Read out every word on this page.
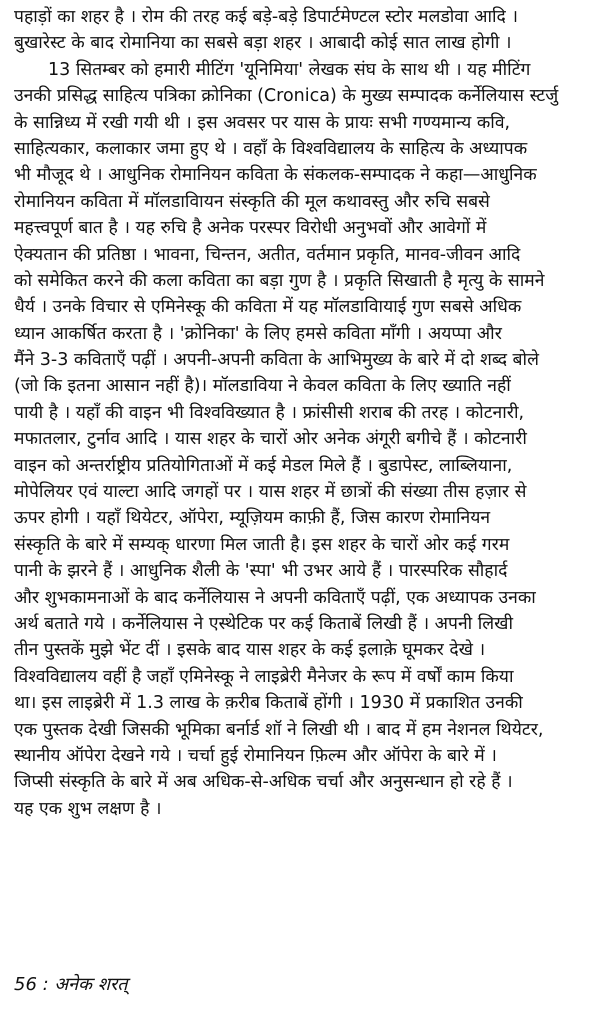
पहाड़ों का शहर है । रोम की तरह कई बड़े-बड़े डिपार्टमेण्टल स्टोर मलडोवा आदि ।
बुखारेस्ट के बाद रोमानिया का सबसे बड़ा शहर । आबादी कोई सात लाख होगी ।
13 सितम्बर को हमारी मीटिंग 'यूनिमिया' लेखक संघ के साथ थी । यह मीटिंग
उनकी प्रसिद्ध साहित्य पत्रिका क्रोनिका (Cronica) के मुख्य सम्पादक कर्नेलियास स्टर्जु
के सान्निध्य में रखी गयी थी । इस अवसर पर यास के प्रायः सभी गण्यमान्य कवि,
साहित्यकार, कलाकार जमा हुए थे । वहाँ के विश्वविद्यालय के साहित्य के अध्यापक
भी मौजूद थे । आधुनिक रोमानियन कविता के संकलक-सम्पादक ने कहा—आधुनिक
रोमानियन कविता में मॉलडाविायन संस्कृति की मूल कथावस्तु और रुचि सबसे
महत्त्वपूर्ण बात है । यह रुचि है अनेक परस्पर विरोधी अनुभवों और आवेगों में
ऐक्यतान की प्रतिष्ठा । भावना, चिन्तन, अतीत, वर्तमान प्रकृति, मानव-जीवन आदि
को समेकित करने की कला कविता का बड़ा गुण है । प्रकृति सिखाती है मृत्यु के सामने
धैर्य । उनके विचार से एमिनेस्कू की कविता में यह मॉलडाविायाई गुण सबसे अधिक
ध्यान आकर्षित करता है । 'क्रोनिका' के लिए हमसे कविता माँगी । अयप्पा और
मैंने 3-3 कविताएँ पढ़ीं । अपनी-अपनी कविता के आभिमुख्य के बारे में दो शब्द बोले
(जो कि इतना आसान नहीं है)। मॉलडाविया ने केवल कविता के लिए ख्याति नहीं
पायी है । यहाँ की वाइन भी विश्वविख्यात है । फ्रांसीसी शराब की तरह । कोटनारी,
मफातलार, टुर्नाव आदि । यास शहर के चारों ओर अनेक अंगूरी बगीचे हैं । कोटनारी
वाइन को अन्तर्राष्ट्रीय प्रतियोगिताओं में कई मेडल मिले हैं । बुडापेस्ट, लाब्लियाना,
मोपेलियर एवं याल्टा आदि जगहों पर । यास शहर में छात्रों की संख्या तीस हज़ार से
ऊपर होगी । यहाँ थियेटर, ऑपेरा, म्यूज़ियम काफ़ी हैं, जिस कारण रोमानियन
संस्कृति के बारे में सम्यक् धारणा मिल जाती है। इस शहर के चारों ओर कई गरम
पानी के झरने हैं । आधुनिक शैली के 'स्पा' भी उभर आये हैं । पारस्परिक सौहार्द
और शुभकामनाओं के बाद कर्नेलियास ने अपनी कविताएँ पढ़ीं, एक अध्यापक उनका
अर्थ बताते गये । कर्नेलियास ने एस्थेटिक पर कई किताबें लिखी हैं । अपनी लिखी
तीन पुस्तकें मुझे भेंट दीं । इसके बाद यास शहर के कई इलाक़े घूमकर देखे ।
विश्वविद्यालय वहीं है जहाँ एमिनेस्कू ने लाइब्रेरी मैनेजर के रूप में वर्षों काम किया
था। इस लाइब्रेरी में 1.3 लाख के क़रीब किताबें होंगी । 1930 में प्रकाशित उनकी
एक पुस्तक देखी जिसकी भूमिका बर्नार्ड शॉ ने लिखी थी । बाद में हम नेशनल थियेटर,
स्थानीय ऑपेरा देखने गये । चर्चा हुई रोमानियन फ़िल्म और ऑपेरा के बारे में ।
जिप्सी संस्कृति के बारे में अब अधिक-से-अधिक चर्चा और अनुसन्धान हो रहे हैं ।
यह एक शुभ लक्षण है ।
56 : अनेक शरत्
